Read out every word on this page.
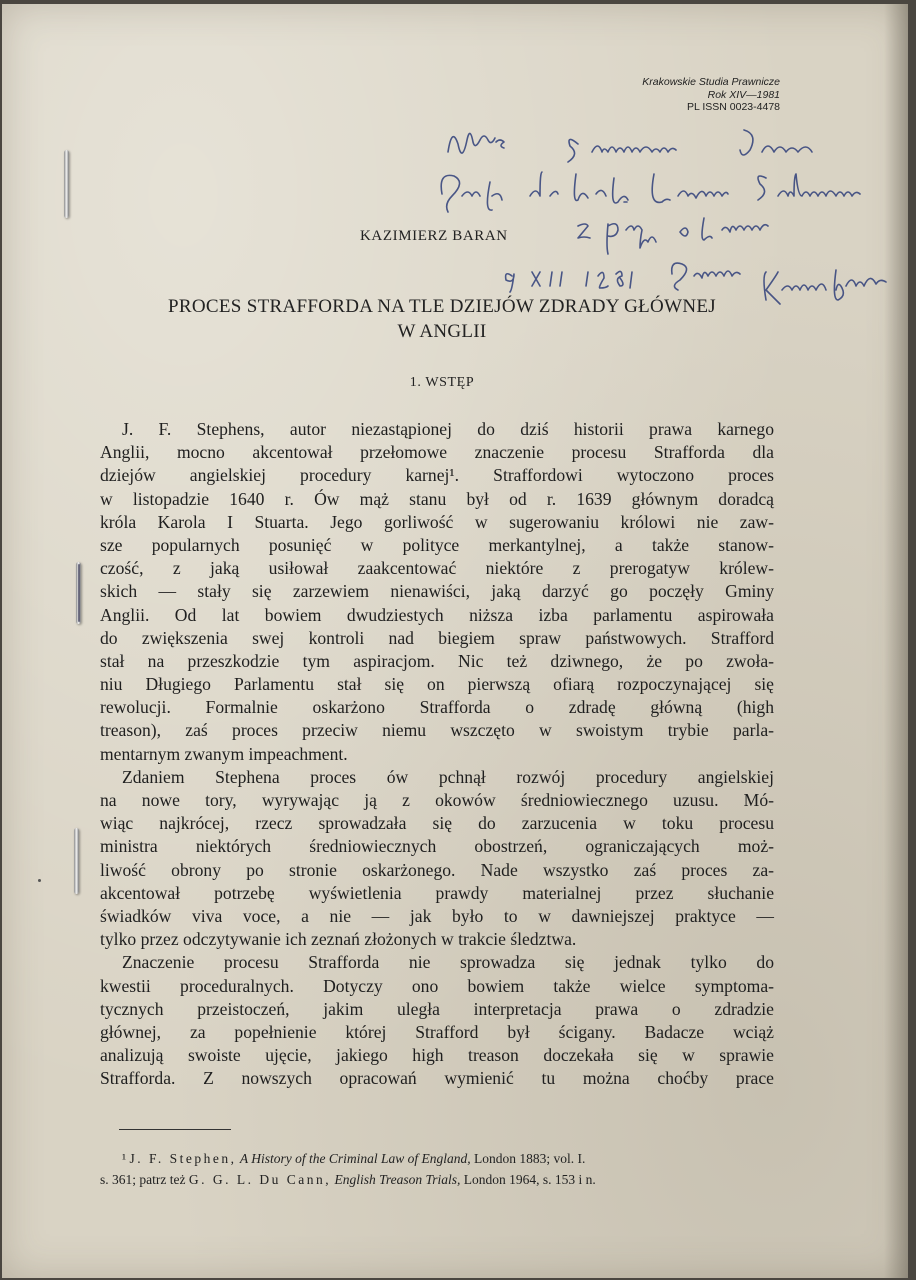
Krakowskie Studia Prawnicze
Rok XIV—1981
PL ISSN 0023-4478
KAZIMIERZ BARAN
PROCES STRAFFORDA NA TLE DZIEJÓW ZDRADY GŁÓWNEJ
W ANGLII
1. WSTĘP
J. F. Stephens, autor niezastąpionej do dziś historii prawa karnego
Anglii, mocno akcentował przełomowe znaczenie procesu Strafforda dla
dziejów angielskiej procedury karnej¹. Straffordowi wytoczono proces
w listopadzie 1640 r. Ów mąż stanu był od r. 1639 głównym doradcą
króla Karola I Stuarta. Jego gorliwość w sugerowaniu królowi nie zaw-
sze popularnych posunięć w polityce merkantylnej, a także stanow-
czość, z jaką usiłował zaakcentować niektóre z prerogatyw królew-
skich — stały się zarzewiem nienawiści, jaką darzyć go poczęły Gminy
Anglii. Od lat bowiem dwudziestych niższa izba parlamentu aspirowała
do zwiększenia swej kontroli nad biegiem spraw państwowych. Strafford
stał na przeszkodzie tym aspiracjom. Nic też dziwnego, że po zwoła-
niu Długiego Parlamentu stał się on pierwszą ofiarą rozpoczynającej się
rewolucji. Formalnie oskarżono Strafforda o zdradę główną (high
treason), zaś proces przeciw niemu wszczęto w swoistym trybie parla-
mentarnym zwanym impeachment.
Zdaniem Stephena proces ów pchnął rozwój procedury angielskiej
na nowe tory, wyrywając ją z okowów średniowiecznego uzusu. Mó-
wiąc najkrócej, rzecz sprowadzała się do zarzucenia w toku procesu
ministra niektórych średniowiecznych obostrzeń, ograniczających moż-
liwość obrony po stronie oskarżonego. Nade wszystko zaś proces za-
akcentował potrzebę wyświetlenia prawdy materialnej przez słuchanie
świadków viva voce, a nie — jak było to w dawniejszej praktyce —
tylko przez odczytywanie ich zeznań złożonych w trakcie śledztwa.
Znaczenie procesu Strafforda nie sprowadza się jednak tylko do
kwestii proceduralnych. Dotyczy ono bowiem także wielce symptoma-
tycznych przeistoczeń, jakim uległa interpretacja prawa o zdradzie
głównej, za popełnienie której Strafford był ścigany. Badacze wciąż
analizują swoiste ujęcie, jakiego high treason doczekała się w sprawie
Strafforda. Z nowszych opracowań wymienić tu można choćby prace
¹ J. F. Stephen, A History of the Criminal Law of England, London 1883; vol. I.
s. 361; patrz też G. G. L. Du Cann, English Treason Trials, London 1964, s. 153 i n.
